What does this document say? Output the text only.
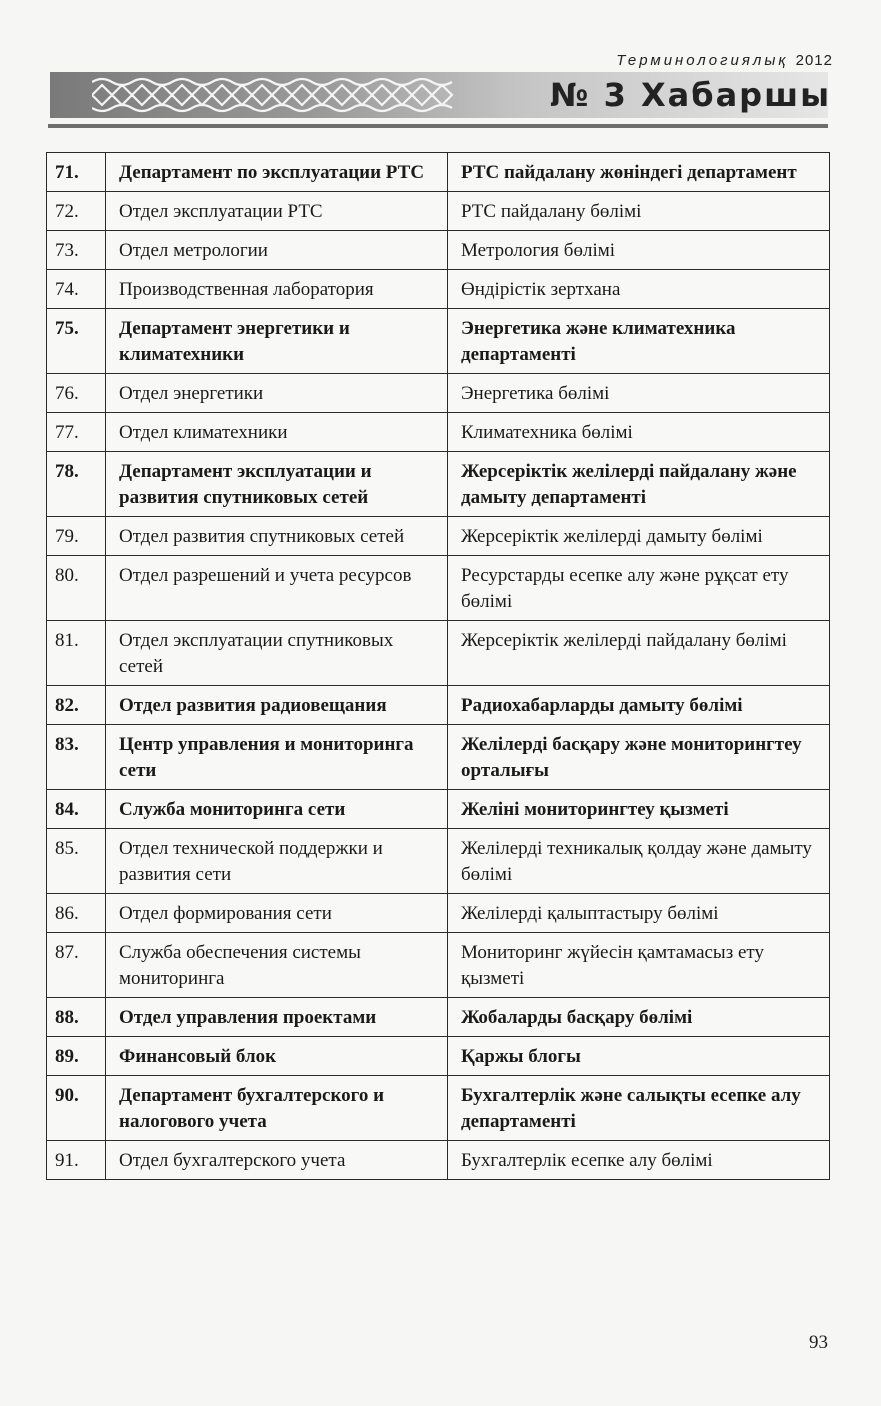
Терминологиялық 2012
№ 3 Хабаршы
71.	Департамент по эксплуатации РТС	РТС пайдалану жөніндегі департамент
72.	Отдел эксплуатации РТС	РТС пайдалану бөлімі
73.	Отдел метрологии	Метрология бөлімі
74.	Производственная лаборатория	Өндірістік зертхана
75.	Департамент энергетики и климатехники	Энергетика және климатехника департаменті
76.	Отдел энергетики	Энергетика бөлімі
77.	Отдел климатехники	Климатехника бөлімі
78.	Департамент эксплуатации и развития спутниковых сетей	Жерсеріктік желілерді пайдалану және дамыту департаменті
79.	Отдел развития спутниковых сетей	Жерсеріктік желілерді дамыту бөлімі
80.	Отдел разрешений и учета ресурсов	Ресурстарды есепке алу және рұқсат ету бөлімі
81.	Отдел эксплуатации спутниковых сетей	Жерсеріктік желілерді пайдалану бөлімі
82.	Отдел развития радиовещания	Радиохабарларды дамыту бөлімі
83.	Центр управления и мониторинга сети	Желілерді басқару және мониторингтеу орталығы
84.	Служба мониторинга сети	Желіні мониторингтеу қызметі
85.	Отдел технической поддержки и развития сети	Желілерді техникалық қолдау және дамыту бөлімі
86.	Отдел формирования сети	Желілерді қалыптастыру бөлімі
87.	Служба обеспечения системы мониторинга	Мониторинг жүйесін қамтамасыз ету қызметі
88.	Отдел управления проектами	Жобаларды басқару бөлімі
89.	Финансовый блок	Қаржы блогы
90.	Департамент бухгалтерского и налогового учета	Бухгалтерлік және салықты есепке алу департаменті
91.	Отдел бухгалтерского учета	Бухгалтерлік есепке алу бөлімі
93
